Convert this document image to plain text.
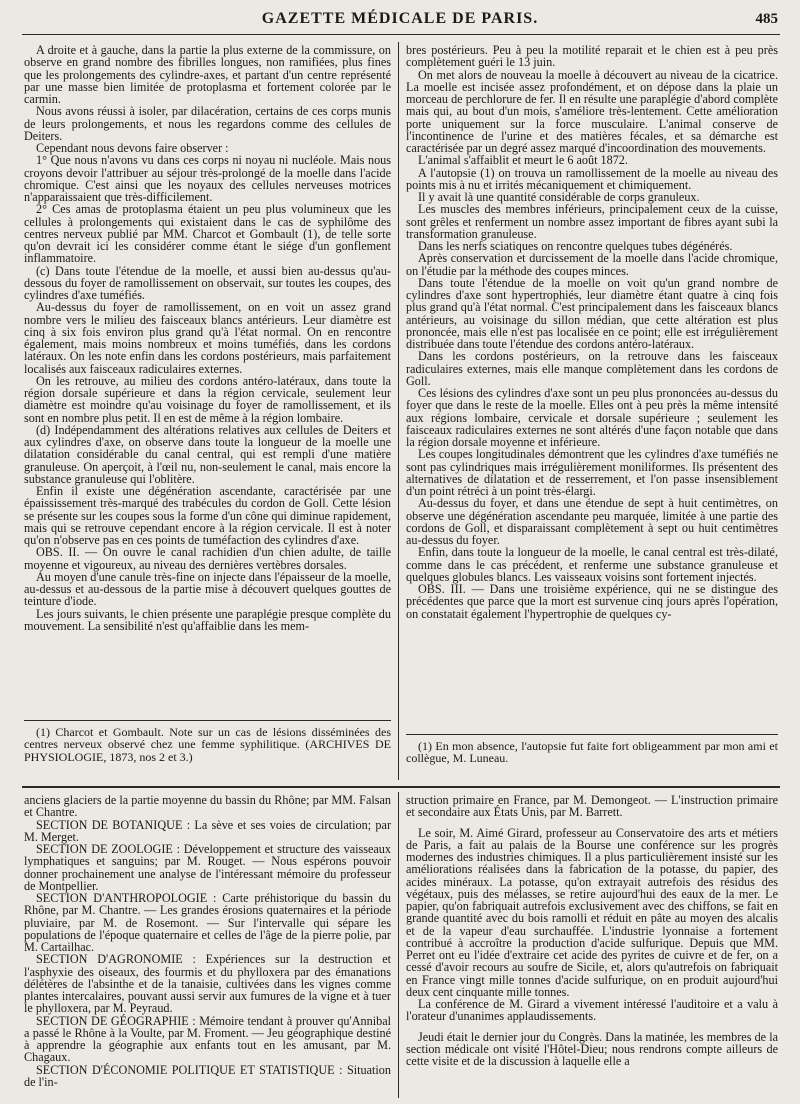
GAZETTE MÉDICALE DE PARIS.	485

A droite et à gauche, dans la partie la plus externe de la commissure, on observe en grand nombre des fibrilles longues, non ramifiées, plus fines que les prolongements des cylindre-axes, et partant d'un centre représenté par une masse bien limitée de protoplasma et fortement colorée par le carmin.

Nous avons réussi à isoler, par dilacération, certains de ces corps munis de leurs prolongements, et nous les regardons comme des cellules de Deiters.

Cependant nous devons faire observer :

1° Que nous n'avons vu dans ces corps ni noyau ni nucléole. Mais nous croyons devoir l'attribuer au séjour très-prolongé de la moelle dans l'acide chromique. C'est ainsi que les noyaux des cellules nerveuses motrices n'apparaissaient que très-difficilement.

2° Ces amas de protoplasma étaient un peu plus volumineux que les cellules à prolongements qui existaient dans le cas de syphilôme des centres nerveux publié par MM. Charcot et Gombault (1), de telle sorte qu'on devrait ici les considérer comme étant le siége d'un gonflement inflammatoire.

(c) Dans toute l'étendue de la moelle, et aussi bien au-dessus qu'au-dessous du foyer de ramollissement on observait, sur toutes les coupes, des cylindres d'axe tuméfiés.

Au-dessus du foyer de ramollissement, on en voit un assez grand nombre vers le milieu des faisceaux blancs antérieurs. Leur diamètre est cinq à six fois environ plus grand qu'à l'état normal. On en rencontre également, mais moins nombreux et moins tuméfiés, dans les cordons latéraux. On les note enfin dans les cordons postérieurs, mais parfaitement localisés aux faisceaux radiculaires externes.

On les retrouve, au milieu des cordons antéro-latéraux, dans toute la région dorsale supérieure et dans la région cervicale, seulement leur diamètre est moindre qu'au voisinage du foyer de ramollissement, et ils sont en nombre plus petit. Il en est de même à la région lombaire.

(d) Indépendamment des altérations relatives aux cellules de Deiters et aux cylindres d'axe, on observe dans toute la longueur de la moelle une dilatation considérable du canal central, qui est rempli d'une matière granuleuse. On aperçoit, à l'œil nu, non-seulement le canal, mais encore la substance granuleuse qui l'oblitère.

Enfin il existe une dégénération ascendante, caractérisée par une épaississement très-marqué des trabécules du cordon de Goll. Cette lésion se présente sur les coupes sous la forme d'un cône qui diminue rapidement, mais qui se retrouve cependant encore à la région cervicale. Il est à noter qu'on n'observe pas en ces points de tuméfaction des cylindres d'axe.

OBS. II. — On ouvre le canal rachidien d'un chien adulte, de taille moyenne et vigoureux, au niveau des dernières vertèbres dorsales.

Au moyen d'une canule très-fine on injecte dans l'épaisseur de la moelle, au-dessus et au-dessous de la partie mise à découvert quelques gouttes de teinture d'iode.

Les jours suivants, le chien présente une paraplégie presque complète du mouvement. La sensibilité n'est qu'affaiblie dans les mem-

bres postérieurs. Peu à peu la motilité reparait et le chien est à peu près complètement guéri le 13 juin.

On met alors de nouveau la moelle à découvert au niveau de la cicatrice. La moelle est incisée assez profondément, et on dépose dans la plaie un morceau de perchlorure de fer. Il en résulte une paraplégie d'abord complète mais qui, au bout d'un mois, s'améliore très-lentement. Cette amélioration porte uniquement sur la force musculaire. L'animal conserve de l'incontinence de l'urine et des matières fécales, et sa démarche est caractérisée par un degré assez marqué d'incoordination des mouvements.

L'animal s'affaiblit et meurt le 6 août 1872.

A l'autopsie (1) on trouva un ramollissement de la moelle au niveau des points mis à nu et irrités mécaniquement et chimiquement.

Il y avait là une quantité considérable de corps granuleux.

Les muscles des membres inférieurs, principalement ceux de la cuisse, sont grêles et renferment un nombre assez important de fibres ayant subi la transformation granuleuse.

Dans les nerfs sciatiques on rencontre quelques tubes dégénérés.

Après conservation et durcissement de la moelle dans l'acide chromique, on l'étudie par la méthode des coupes minces.

Dans toute l'étendue de la moelle on voit qu'un grand nombre de cylindres d'axe sont hypertrophiés, leur diamètre étant quatre à cinq fois plus grand qu'à l'état normal. C'est principalement dans les faisceaux blancs antérieurs, au voisinage du sillon médian, que cette altération est plus prononcée, mais elle n'est pas localisée en ce point; elle est irrégulièrement distribuée dans toute l'étendue des cordons antéro-latéraux.

Dans les cordons postérieurs, on la retrouve dans les faisceaux radiculaires externes, mais elle manque complètement dans les cordons de Goll.

Ces lésions des cylindres d'axe sont un peu plus prononcées au-dessus du foyer que dans le reste de la moelle. Elles ont à peu près la même intensité aux régions lombaire, cervicale et dorsale supérieure ; seulement les faisceaux radiculaires externes ne sont altérés d'une façon notable que dans la région dorsale moyenne et inférieure.

Les coupes longitudinales démontrent que les cylindres d'axe tuméfiés ne sont pas cylindriques mais irrégulièrement moniliformes. Ils présentent des alternatives de dilatation et de resserrement, et l'on passe insensiblement d'un point rétréci à un point très-élargi.

Au-dessus du foyer, et dans une étendue de sept à huit centimètres, on observe une dégénération ascendante peu marquée, limitée à une partie des cordons de Goll, et disparaissant complètement à sept ou huit centimètres au-dessus du foyer.

Enfin, dans toute la longueur de la moelle, le canal central est très-dilaté, comme dans le cas précédent, et renferme une substance granuleuse et quelques globules blancs. Les vaisseaux voisins sont fortement injectés.

OBS. III. — Dans une troisième expérience, qui ne se distingue des précédentes que parce que la mort est survenue cinq jours après l'opération, on constatait également l'hypertrophie de quelques cy-

(1) Charcot et Gombault. Note sur un cas de lésions disséminées des centres nerveux observé chez une femme syphilitique. (ARCHIVES DE PHYSIOLOGIE, 1873, nos 2 et 3.)

(1) En mon absence, l'autopsie fut faite fort obligeamment par mon ami et collègue, M. Luneau.

anciens glaciers de la partie moyenne du bassin du Rhône; par MM. Falsan et Chantre.

SECTION DE BOTANIQUE : La sève et ses voies de circulation; par M. Merget.

SECTION DE ZOOLOGIE : Développement et structure des vaisseaux lymphatiques et sanguins; par M. Rouget. — Nous espérons pouvoir donner prochainement une analyse de l'intéressant mémoire du professeur de Montpellier.

SECTION D'ANTHROPOLOGIE : Carte préhistorique du bassin du Rhône, par M. Chantre. — Les grandes érosions quaternaires et la période pluviaire, par M. de Rosemont. — Sur l'intervalle qui sépare les populations de l'époque quaternaire et celles de l'âge de la pierre polie, par M. Cartailhac.

SECTION D'AGRONOMIE : Expériences sur la destruction et l'asphyxie des oiseaux, des fourmis et du phylloxera par des émanations délétères de l'absinthe et de la tanaisie, cultivées dans les vignes comme plantes intercalaires, pouvant aussi servir aux fumures de la vigne et à tuer le phylloxera, par M. Peyraud.

SECTION DE GÉOGRAPHIE : Mémoire tendant à prouver qu'Annibal a passé le Rhône à la Voulte, par M. Froment. — Jeu géographique destiné à apprendre la géographie aux enfants tout en les amusant, par M. Chagaux.

SECTION D'ÉCONOMIE POLITIQUE ET STATISTIQUE : Situation de l'in-

struction primaire en France, par M. Demongeot. — L'instruction primaire et secondaire aux États Unis, par M. Barrett.

Le soir, M. Aimé Girard, professeur au Conservatoire des arts et métiers de Paris, a fait au palais de la Bourse une conférence sur les progrès modernes des industries chimiques. Il a plus particulièrement insisté sur les améliorations réalisées dans la fabrication de la potasse, du papier, des acides minéraux. La potasse, qu'on extrayait autrefois des résidus des végétaux, puis des mélasses, se retire aujourd'hui des eaux de la mer. Le papier, qu'on fabriquait autrefois exclusivement avec des chiffons, se fait en grande quantité avec du bois ramolli et réduit en pâte au moyen des alcalis et de la vapeur d'eau surchauffée. L'industrie lyonnaise a fortement contribué à accroître la production d'acide sulfurique. Depuis que MM. Perret ont eu l'idée d'extraire cet acide des pyrites de cuivre et de fer, on a cessé d'avoir recours au soufre de Sicile, et, alors qu'autrefois on fabriquait en France vingt mille tonnes d'acide sulfurique, on en produit aujourd'hui deux cent cinquante mille tonnes.

La conférence de M. Girard a vivement intéressé l'auditoire et a valu à l'orateur d'unanimes applaudissements.

Jeudi était le dernier jour du Congrès. Dans la matinée, les membres de la section médicale ont visité l'Hôtel-Dieu; nous rendrons compte ailleurs de cette visite et de la discussion à laquelle elle a
